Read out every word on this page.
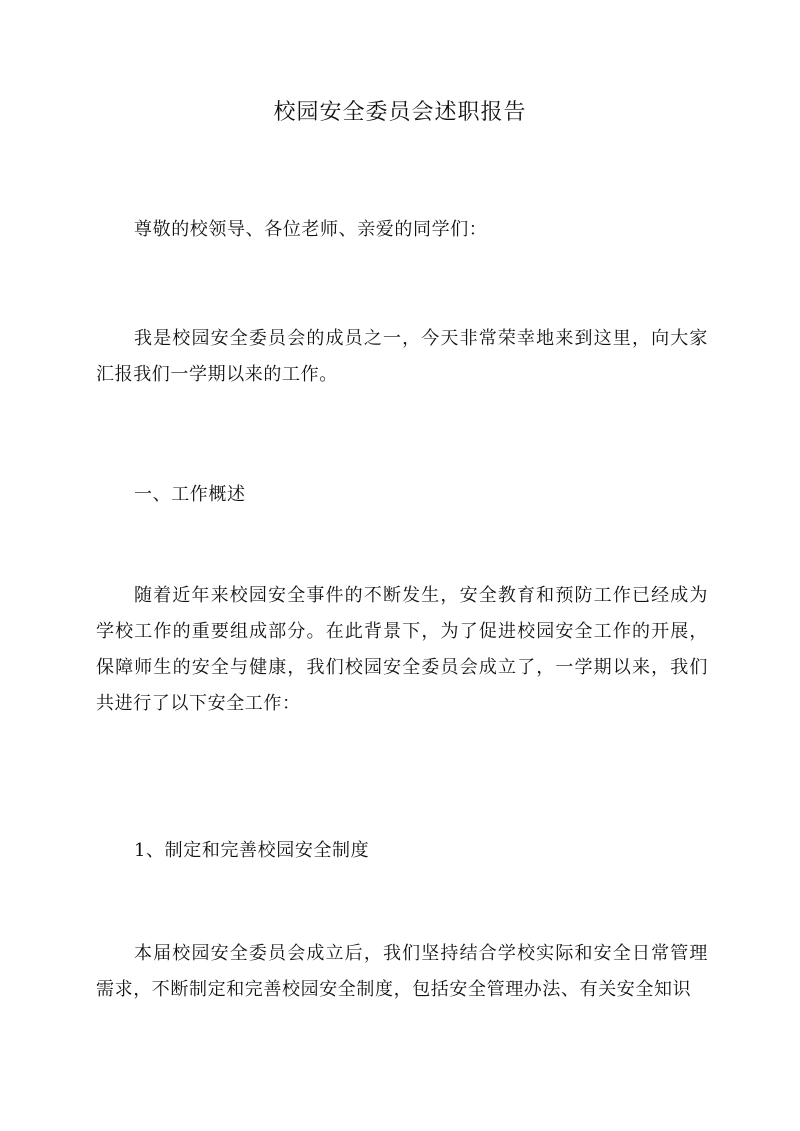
校园安全委员会述职报告

尊敬的校领导、各位老师、亲爱的同学们：

我是校园安全委员会的成员之一，今天非常荣幸地来到这里，向大家汇报我们一学期以来的工作。

一、工作概述

随着近年来校园安全事件的不断发生，安全教育和预防工作已经成为学校工作的重要组成部分。在此背景下，为了促进校园安全工作的开展，保障师生的安全与健康，我们校园安全委员会成立了，一学期以来，我们共进行了以下安全工作：

1、制定和完善校园安全制度

本届校园安全委员会成立后，我们坚持结合学校实际和安全日常管理需求，不断制定和完善校园安全制度，包括安全管理办法、有关安全知识
